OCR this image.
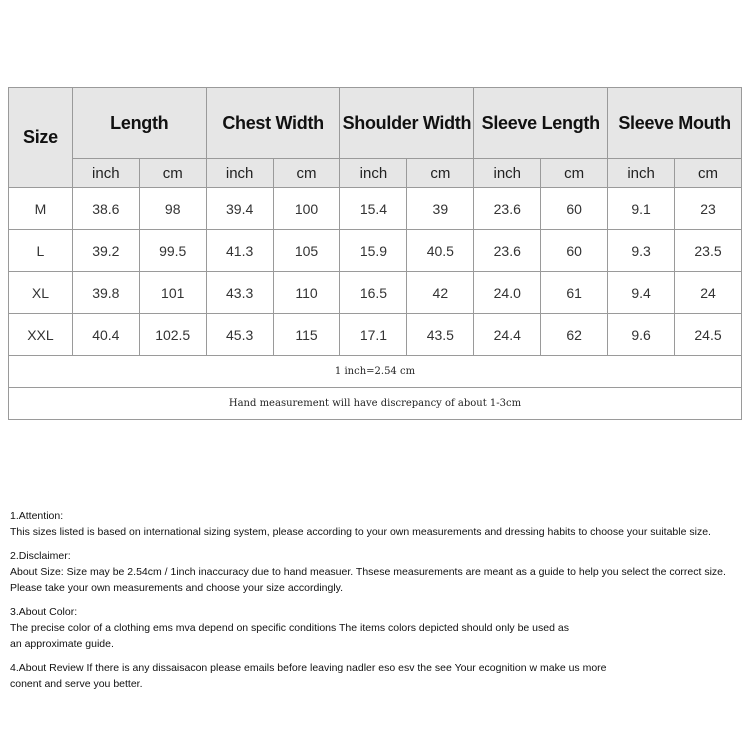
Size	Length		Chest Width		Shoulder Width		Sleeve Length		Sleeve Mouth	
	inch	cm	inch	cm	inch	cm	inch	cm	inch	cm
M	38.6	98	39.4	100	15.4	39	23.6	60	9.1	23
L	39.2	99.5	41.3	105	15.9	40.5	23.6	60	9.3	23.5
XL	39.8	101	43.3	110	16.5	42	24.0	61	9.4	24
XXL	40.4	102.5	45.3	115	17.1	43.5	24.4	62	9.6	24.5
1 inch=2.54 cm										
Hand measurement will have discrepancy of about 1-3cm										

1.Attention:

This sizes listed is based on international sizing system, please according to your own measurements and dressing habits to choose your suitable size.

2.Disclaimer:

About Size: Size may be 2.54cm / 1inch inaccuracy due to hand measuer. Thsese measurements are meant as a guide to help you select the correct size.

Please take your own measurements and choose your size accordingly.

3.About Color:

The precise color of a clothing ems mva depend on specific conditions The items colors depicted should only be used as

an approximate guide.

4.About Review If there is any dissaisacon please emails before leaving nadler eso esv the see Your ecognition w make us more

conent and serve you better.
